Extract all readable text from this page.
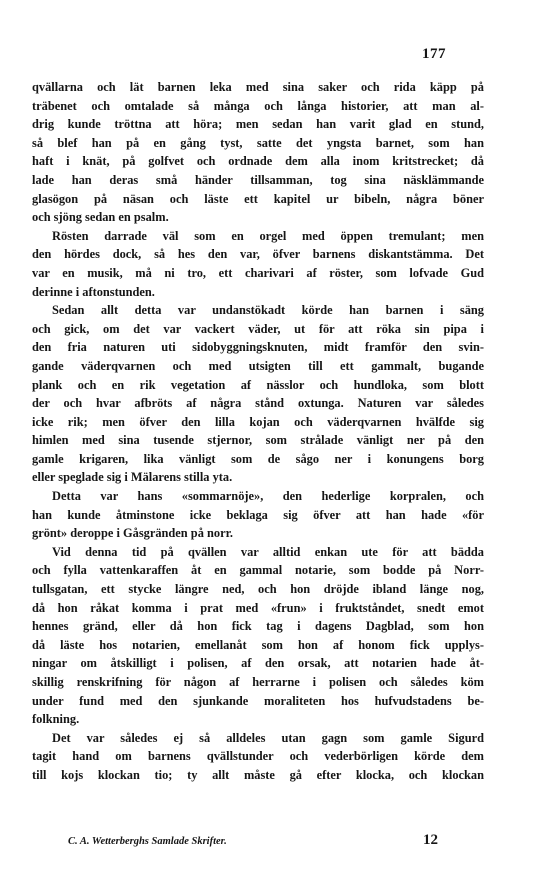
177
qvällarna och lät barnen leka med sina saker och rida käpp på
träbenet och omtalade så många och långa historier, att man al-
drig kunde tröttna att höra; men sedan han varit glad en stund,
så blef han på en gång tyst, satte det yngsta barnet, som han
haft i knät, på golfvet och ordnade dem alla inom kritstrecket; då
lade han deras små händer tillsamman, tog sina näsklämmande
glasögon på näsan och läste ett kapitel ur bibeln, några böner
och sjöng sedan en psalm.
Rösten darrade väl som en orgel med öppen tremulant; men
den hördes dock, så hes den var, öfver barnens diskantstämma. Det
var en musik, må ni tro, ett charivari af röster, som lofvade Gud
derinne i aftonstunden.
Sedan allt detta var undanstökadt körde han barnen i säng
och gick, om det var vackert väder, ut för att röka sin pipa i
den fria naturen uti sidobyggningsknuten, midt framför den svin-
gande väderqvarnen och med utsigten till ett gammalt, bugande
plank och en rik vegetation af nässlor och hundloka, som blott
der och hvar afbröts af några stånd oxtunga. Naturen var således
icke rik; men öfver den lilla kojan och väderqvarnen hvälfde sig
himlen med sina tusende stjernor, som strålade vänligt ner på den
gamle krigaren, lika vänligt som de sågo ner i konungens borg
eller speglade sig i Mälarens stilla yta.
Detta var hans «sommarnöje», den hederlige korpralen, och
han kunde åtminstone icke beklaga sig öfver att han hade «för
grönt» deroppe i Gåsgränden på norr.
Vid denna tid på qvällen var alltid enkan ute för att bädda
och fylla vattenkaraffen åt en gammal notarie, som bodde på Norr-
tullsgatan, ett stycke längre ned, och hon dröjde ibland länge nog,
då hon råkat komma i prat med «frun» i fruktståndet, snedt emot
hennes gränd, eller då hon fick tag i dagens Dagblad, som hon
då läste hos notarien, emellanåt som hon af honom fick upplys-
ningar om åtskilligt i polisen, af den orsak, att notarien hade åt-
skillig renskrifning för någon af herrarne i polisen och således köm
under fund med den sjunkande moraliteten hos hufvudstadens be-
folkning.
Det var således ej så alldeles utan gagn som gamle Sigurd
tagit hand om barnens qvällstunder och vederbörligen körde dem
till kojs klockan tio; ty allt måste gå efter klocka, och klockan
C. A. Wetterberghs Samlade Skrifter.	12
